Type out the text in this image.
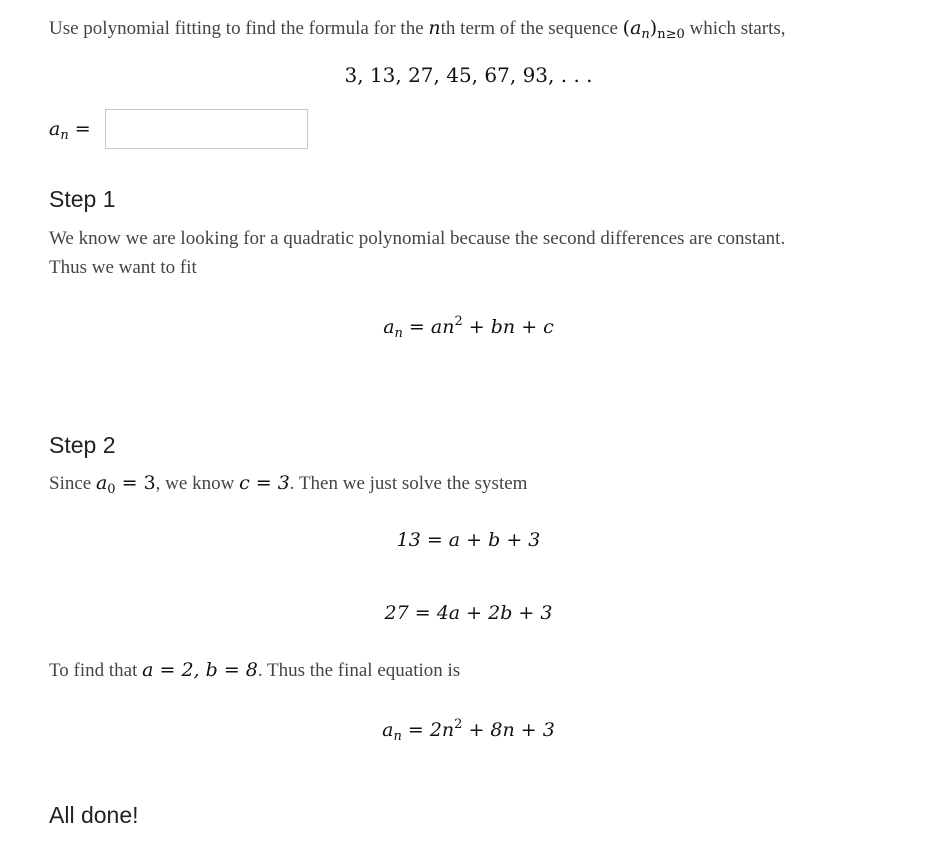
Use polynomial fitting to find the formula for the nth term of the sequence $(a_n)_{n\ge 0}$ which starts,
3, 13, 27, 45, 67, 93, . . .
$a_n$ =
Step 1
We know we are looking for a quadratic polynomial because the second differences are constant.
Thus we want to fit
$a_n = an^2$ + bn + c
Step 2
Since $a_0 = 3$, we know c = 3. Then we just solve the system
13 = a + b + 3
27 = 4a + 2b + 3
To find that a = 2, b = 8. Thus the final equation is
$a_n = 2n^2 + 8n + 3$
All done!
